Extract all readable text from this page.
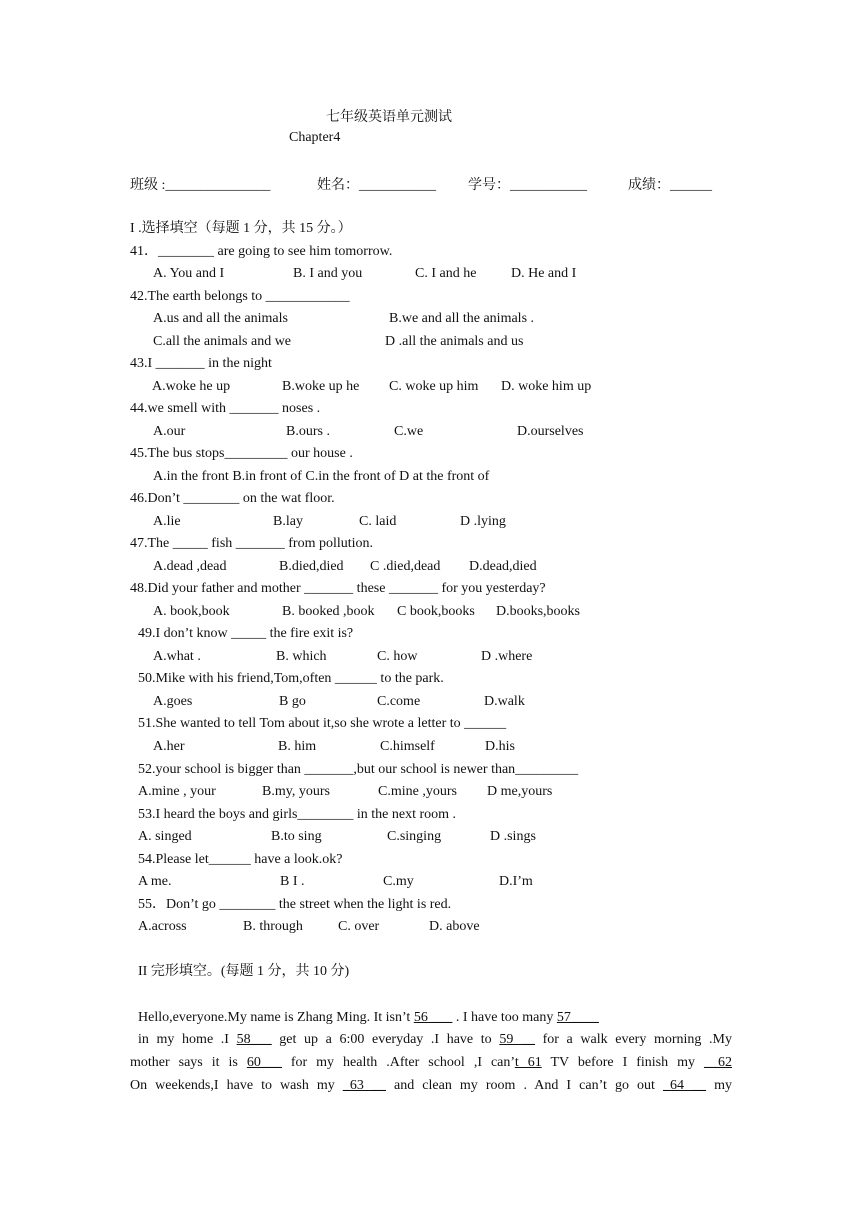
七年级英语单元测试
Chapter4
班级 :_______________	姓名：___________ 学号：___________	成绩：______
I .选择填空（每题 1 分，共 15 分。）
41．________ are going to see him tomorrow.
A. You and I	B. I and you	C. I and he D. He and I
42.The earth belongs to ____________
A.us and all the animals	B.we and all the animals .
C.all the animals and we	D .all the animals and us
43.I _______ in the night
A.woke he up	B.woke up he C. woke up him D. woke him up
44.we smell with _______ noses .
A.our	B.ours .	C.we	D.ourselves
45.The bus stops_________ our house .
A.in the front B.in front of C.in the front of D at the front of
46.Don’t ________ on the wat floor.
A.lie	B.lay	C. laid	D .lying
47.The _____ fish _______ from pollution.
A.dead ,dead	B.died,died C .died,dead D.dead,died
48.Did your father and mother _______ these _______ for you yesterday?
A. book,book	B. booked ,book C book,books D.books,books
49.I don’t know _____ the fire exit is?
A.what .	B. which	C. how	D .where
50.Mike with his friend,Tom,often ______ to the park.
A.goes	B go	C.come	D.walk
51.She wanted to tell Tom about it,so she wrote a letter to ______
A.her	B. him	C.himself	D.his
52.your school is bigger than _______,but our school is newer than_________
A.mine , your	B.my, yours	C.mine ,yours D me,yours
53.I heard the boys and girls________ in the next room .
A. singed	B.to sing	C.singing	D .sings
54.Please let______ have a look.ok?
A me.	B I .	C.my	D.I’m
55．Don’t go ________ the street when the light is red.
A.across	B. through	C. over	D. above
II 完形填空。(每题 1 分，共 10 分)
Hello,everyone.My name is Zhang Ming. It isn’t 56 ___ . I have too many 57____
in my home .I 58___ get up a 6:00 everyday .I have to 59 __ for a walk every morning .My
mother says it is 60___ for my health .After school ,I can’t 61 TV before I finish my __62
On weekends,I have to wash my _63 __ and clean my room . And I can’t go out _64 __ my
